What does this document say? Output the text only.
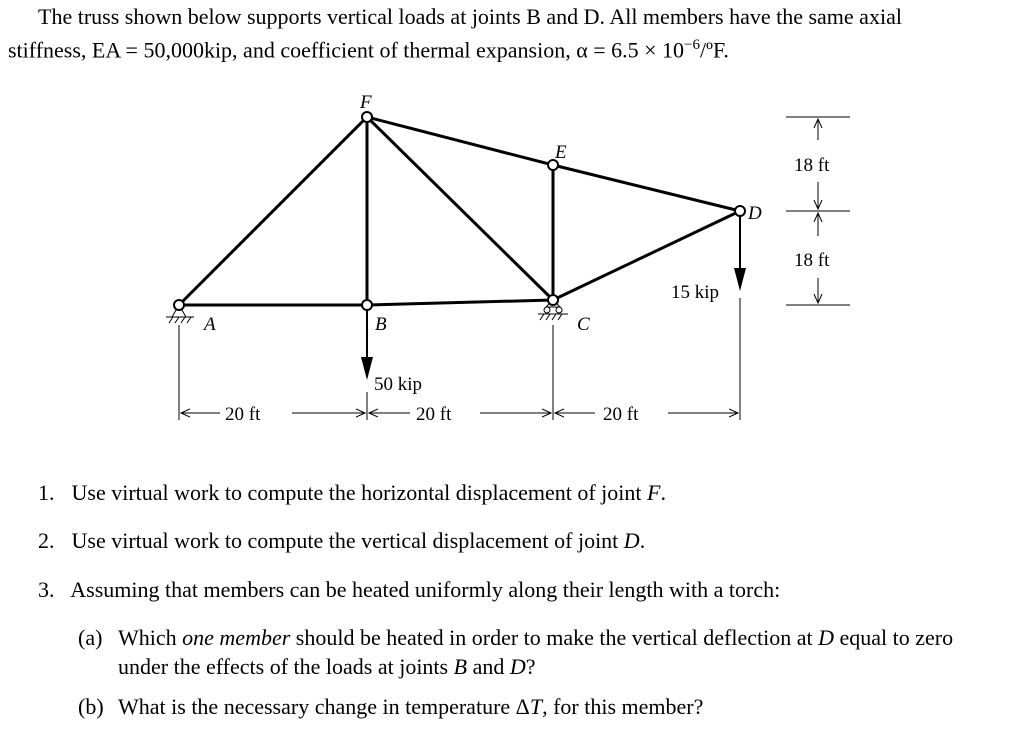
The truss shown below supports vertical loads at joints B and D. All members have the same axial

stiffness, EA = 50,000kip, and coefficient of thermal expansion, $\alpha = 6.5 \times 10^{-6}/ºF$.

A	B	C
D
E
F
50 kip
15 kip
20 ft	20 ft	20 ft
18 ft
18 ft
1. Use virtual work to compute the horizontal displacement of joint F.
2. Use virtual work to compute the vertical displacement of joint D.
3. Assuming that members can be heated uniformly along their length with a torch:
(a) Which one member should be heated in order to make the vertical deflection at D equal to zero
under the effects of the loads at joints B and D?
(b) What is the necessary change in temperature ΔT, for this member?
